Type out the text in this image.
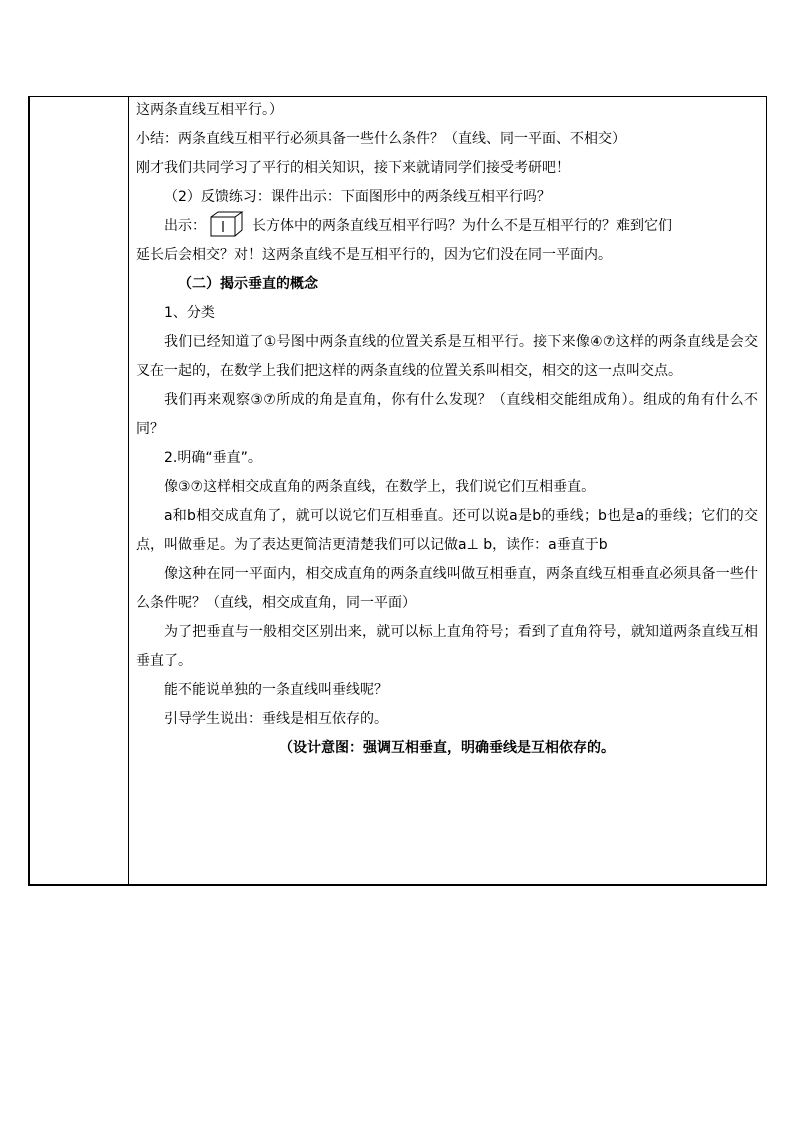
这两条直线互相平行。）
小结：两条直线互相平行必须具备一些什么条件？（直线、同一平面、不相交）
刚才我们共同学习了平行的相关知识，接下来就请同学们接受考研吧！
（2）反馈练习：课件出示：下面图形中的两条线互相平行吗？
出示：	长方体中的两条直线互相平行吗？为什么不是互相平行的？难到它们
延长后会相交？对！这两条直线不是互相平行的，因为它们没在同一平面内。
（二）揭示垂直的概念
1、分类
我们已经知道了①号图中两条直线的位置关系是互相平行。接下来像④⑦这样的两条直线是会交叉在一起的，在数学上我们把这样的两条直线的位置关系叫相交，相交的这一点叫交点。
我们再来观察③⑦所成的角是直角，你有什么发现？（直线相交能组成角）。组成的角有什么不同？
2.明确“垂直”。
像③⑦这样相交成直角的两条直线，在数学上，我们说它们互相垂直。
a和b相交成直角了，就可以说它们互相垂直。还可以说a是b的垂线；b也是a的垂线；它们的交点，叫做垂足。为了表达更简洁更清楚我们可以记做a⊥ b，读作：a垂直于b
像这种在同一平面内，相交成直角的两条直线叫做互相垂直，两条直线互相垂直必须具备一些什么条件呢？（直线，相交成直角，同一平面）
为了把垂直与一般相交区别出来，就可以标上直角符号；看到了直角符号，就知道两条直线互相垂直了。
能不能说单独的一条直线叫垂线呢？
引导学生说出：垂线是相互依存的。
（设计意图：强调互相垂直，明确垂线是互相依存的。
